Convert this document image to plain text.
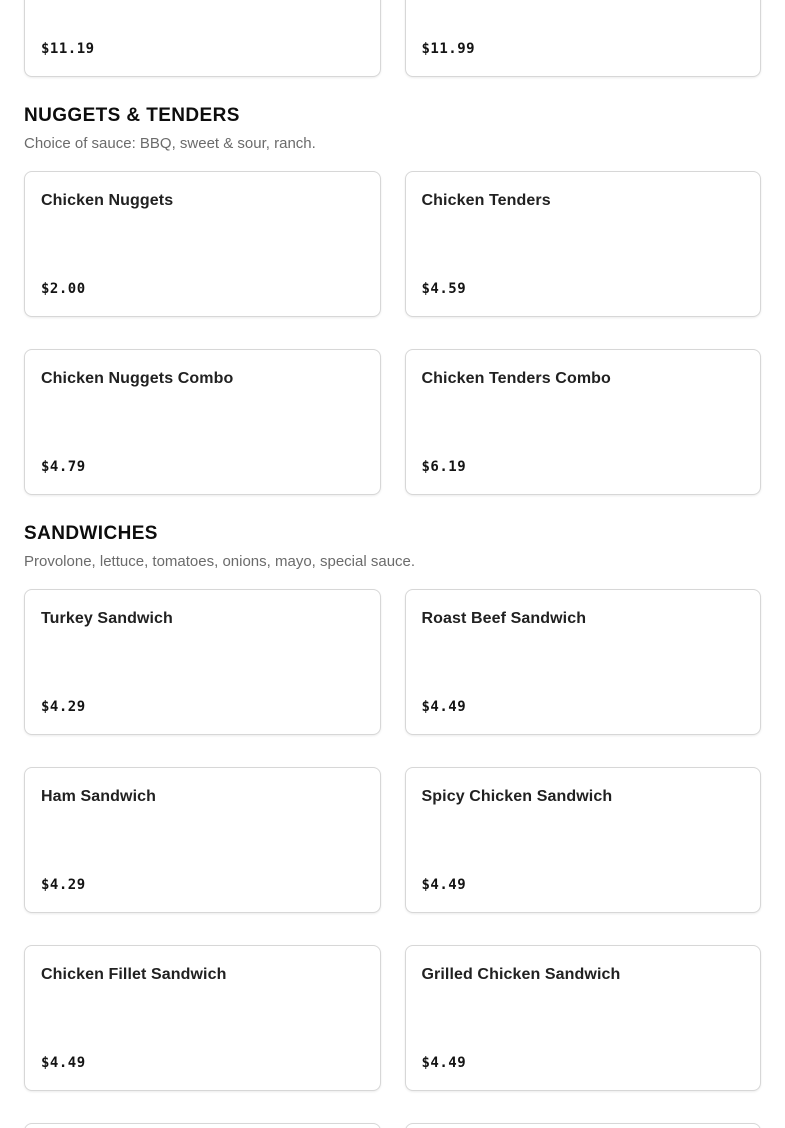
$11.19	$11.99
NUGGETS & TENDERS

Choice of sauce: BBQ, sweet & sour, ranch.

Chicken Nuggets
$2.00
Chicken Tenders
$4.59
Chicken Nuggets Combo
$4.79
Chicken Tenders Combo
$6.19
SANDWICHES

Provolone, lettuce, tomatoes, onions, mayo, special sauce.

Turkey Sandwich
$4.29
Roast Beef Sandwich
$4.49
Ham Sandwich
$4.29
Spicy Chicken Sandwich
$4.49
Chicken Fillet Sandwich
$4.49
Grilled Chicken Sandwich
$4.49
